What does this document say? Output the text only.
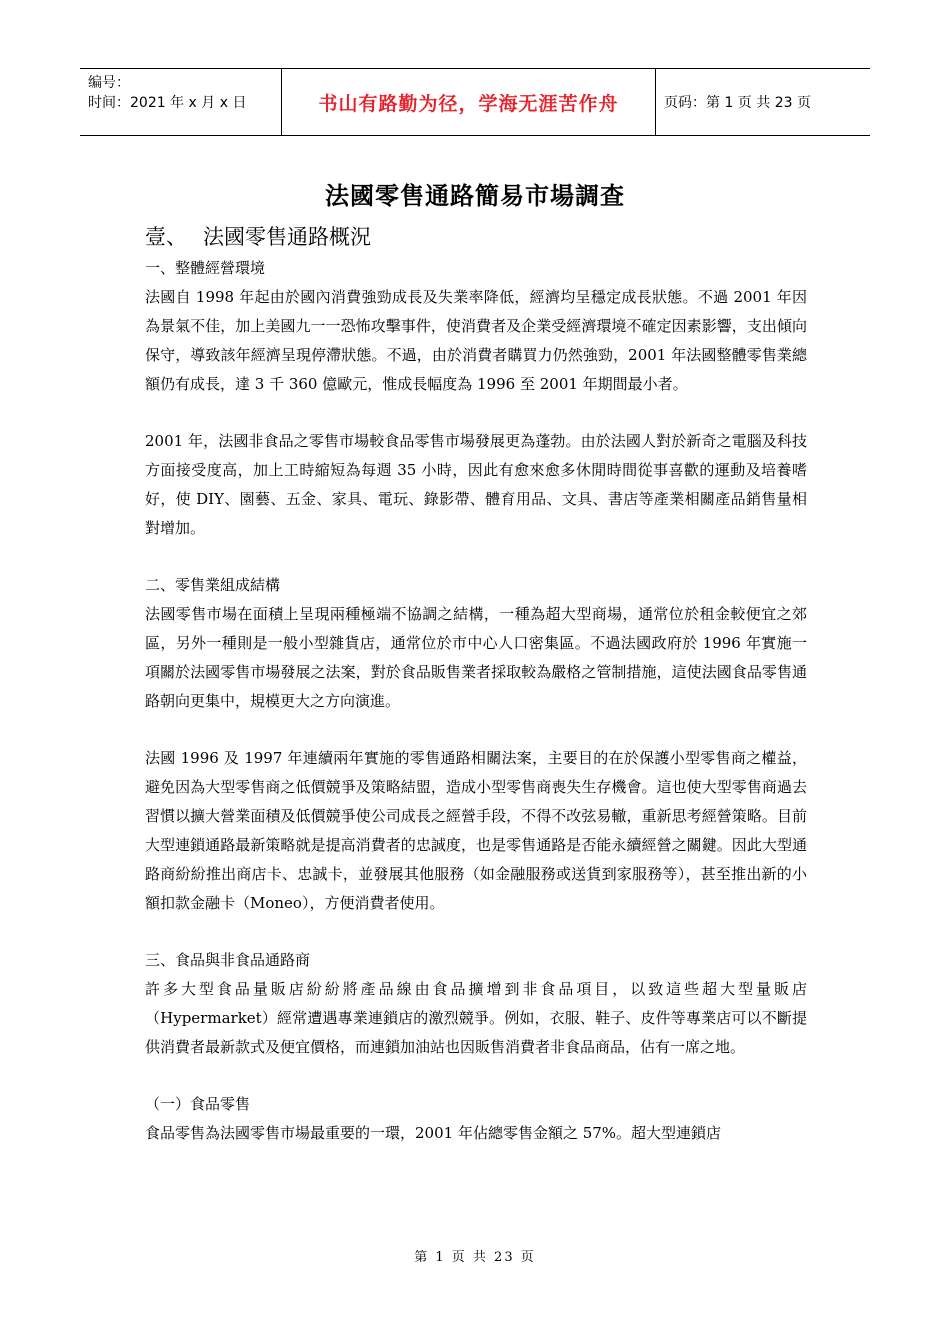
编号：
时间：2021 年 x 月 x 日	书山有路勤为径，学海无涯苦作舟	页码：第 1 页 共 23 页
法國零售通路簡易市場調查
壹、 法國零售通路概況
一、整體經營環境

法國自 1998 年起由於國內消費強勁成長及失業率降低，經濟均呈穩定成長狀態。不過 2001 年因為景氣不佳，加上美國九一一恐怖攻擊事件，使消費者及企業受經濟環境不確定因素影響，支出傾向保守，導致該年經濟呈現停滯狀態。不過，由於消費者購買力仍然強勁，2001 年法國整體零售業總額仍有成長，達 3 千 360 億歐元，惟成長幅度為 1996 至 2001 年期間最小者。

2001 年，法國非食品之零售市場較食品零售市場發展更為蓬勃。由於法國人對於新奇之電腦及科技方面接受度高，加上工時縮短為每週 35 小時，因此有愈來愈多休閒時間從事喜歡的運動及培養嗜好，使 DIY、園藝、五金、家具、電玩、錄影帶、體育用品、文具、書店等產業相關產品銷售量相對增加。

二、零售業組成結構

法國零售市場在面積上呈現兩種極端不協調之結構，一種為超大型商場，通常位於租金較便宜之郊區，另外一種則是一般小型雜貨店，通常位於市中心人口密集區。不過法國政府於 1996 年實施一項關於法國零售市場發展之法案，對於食品販售業者採取較為嚴格之管制措施，這使法國食品零售通路朝向更集中，規模更大之方向演進。

法國 1996 及 1997 年連續兩年實施的零售通路相關法案，主要目的在於保護小型零售商之權益，避免因為大型零售商之低價競爭及策略結盟，造成小型零售商喪失生存機會。這也使大型零售商過去習慣以擴大營業面積及低價競爭使公司成長之經營手段，不得不改弦易轍，重新思考經營策略。目前大型連鎖通路最新策略就是提高消費者的忠誠度，也是零售通路是否能永續經營之關鍵。因此大型通路商紛紛推出商店卡、忠誠卡，並發展其他服務（如金融服務或送貨到家服務等），甚至推出新的小額扣款金融卡（Moneo），方便消費者使用。

三、食品與非食品通路商

許多大型食品量販店紛紛將產品線由食品擴增到非食品項目，以致這些超大型量販店（Hypermarket）經常遭遇專業連鎖店的激烈競爭。例如，衣服、鞋子、皮件等專業店可以不斷提供消費者最新款式及便宜價格，而連鎖加油站也因販售消費者非食品商品，佔有一席之地。

（一）食品零售

食品零售為法國零售市場最重要的一環，2001 年佔總零售金額之 57%。超大型連鎖店

第 1 页 共 23 页
